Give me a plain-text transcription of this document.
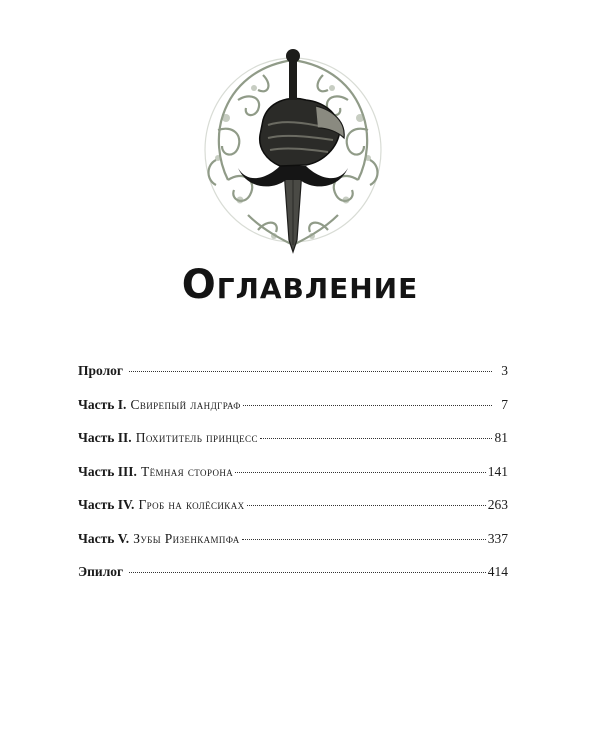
Оглавление
Пролог	3
Часть I. Свирепый ландграф	7
Часть II. Похититель принцесс	81
Часть III. Тёмная сторона	141
Часть IV. Гроб на колёсиках	263
Часть V. Зубы Ризенкампфа	337
Эпилог	414
